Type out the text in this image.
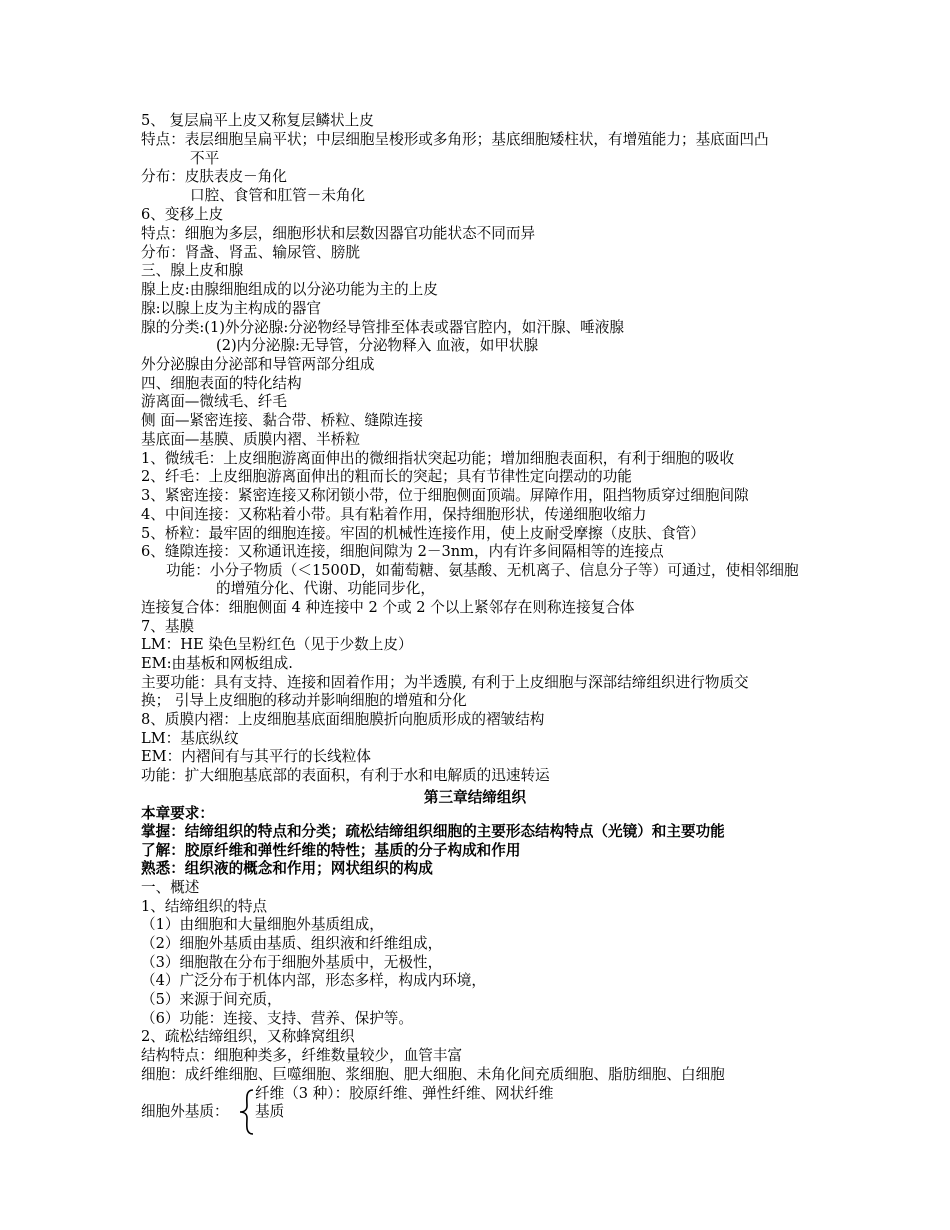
5、 复层扁平上皮又称复层鳞状上皮
特点：表层细胞呈扁平状；中层细胞呈梭形或多角形；基底细胞矮柱状，有增殖能力；基底面凹凸
不平
分布：皮肤表皮－角化
口腔、食管和肛管－未角化
6、变移上皮
特点：细胞为多层，细胞形状和层数因器官功能状态不同而异
分布：肾盏、肾盂、输尿管、膀胱
三、腺上皮和腺
腺上皮:由腺细胞组成的以分泌功能为主的上皮
腺:以腺上皮为主构成的器官
腺的分类:(1)外分泌腺:分泌物经导管排至体表或器官腔内，如汗腺、唾液腺
(2)内分泌腺:无导管，分泌物释入 血液，如甲状腺
外分泌腺由分泌部和导管两部分组成
四、细胞表面的特化结构
游离面—微绒毛、纤毛
侧 面—紧密连接、黏合带、桥粒、缝隙连接
基底面—基膜、质膜内褶、半桥粒
1、微绒毛：上皮细胞游离面伸出的微细指状突起功能；增加细胞表面积，有利于细胞的吸收
2、纤毛：上皮细胞游离面伸出的粗而长的突起；具有节律性定向摆动的功能
3、紧密连接：紧密连接又称闭锁小带，位于细胞侧面顶端。屏障作用，阻挡物质穿过细胞间隙
4、中间连接：又称粘着小带。具有粘着作用，保持细胞形状，传递细胞收缩力
5、桥粒：最牢固的细胞连接。牢固的机械性连接作用，使上皮耐受摩擦（皮肤、食管）
6、缝隙连接：又称通讯连接，细胞间隙为 2－3nm，内有许多间隔相等的连接点
功能：小分子物质（＜1500D，如葡萄糖、氨基酸、无机离子、信息分子等）可通过，使相邻细胞
的增殖分化、代谢、功能同步化，
连接复合体：细胞侧面 4 种连接中 2 个或 2 个以上紧邻存在则称连接复合体
7、基膜
LM：HE 染色呈粉红色（见于少数上皮）
EM:由基板和网板组成.
主要功能：具有支持、连接和固着作用；为半透膜, 有利于上皮细胞与深部结缔组织进行物质交
换； 引导上皮细胞的移动并影响细胞的增殖和分化
8、质膜内褶：上皮细胞基底面细胞膜折向胞质形成的褶皱结构
LM：基底纵纹
EM：内褶间有与其平行的长线粒体
功能：扩大细胞基底部的表面积，有利于水和电解质的迅速转运
第三章结缔组织
本章要求：
掌握：结缔组织的特点和分类；疏松结缔组织细胞的主要形态结构特点（光镜）和主要功能
了解：胶原纤维和弹性纤维的特性；基质的分子构成和作用
熟悉：组织液的概念和作用；网状组织的构成
一、概述
1、结缔组织的特点
（1）由细胞和大量细胞外基质组成，
（2）细胞外基质由基质、组织液和纤维组成，
（3）细胞散在分布于细胞外基质中，无极性，
（4）广泛分布于机体内部，形态多样，构成内环境，
（5）来源于间充质，
（6）功能：连接、支持、营养、保护等。
2、疏松结缔组织，又称蜂窝组织
结构特点：细胞种类多，纤维数量较少，血管丰富
细胞：成纤维细胞、巨噬细胞、浆细胞、肥大细胞、未角化间充质细胞、脂肪细胞、白细胞
细胞外基质：
纤维（3 种）：胶原纤维、弹性纤维、网状纤维
基质
